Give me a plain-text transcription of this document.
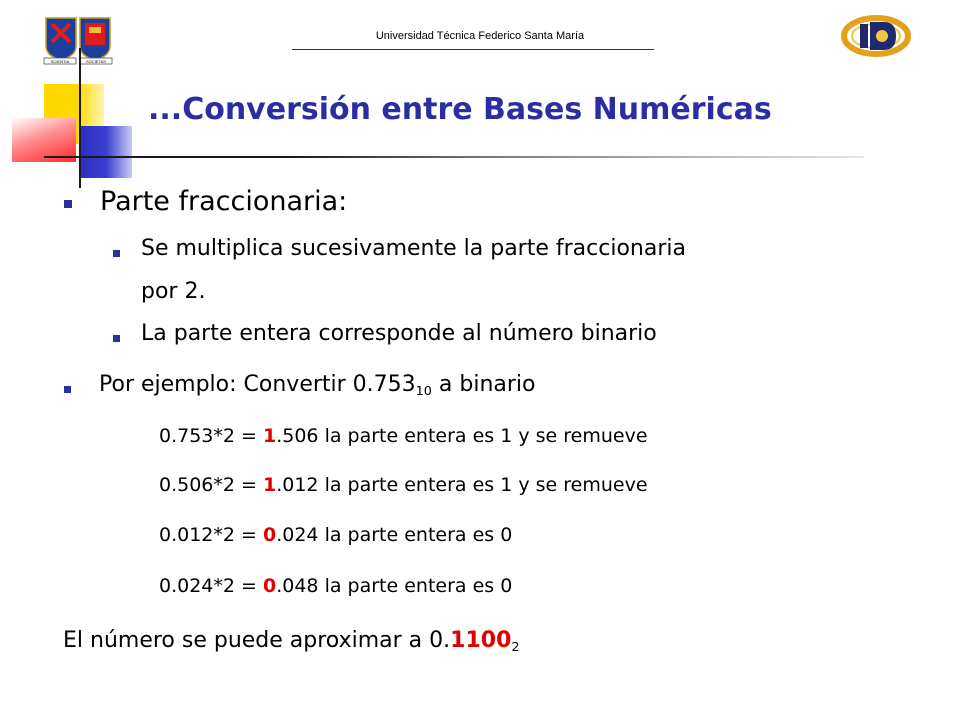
Universidad Técnica Federico Santa María
SCIENTIA	SOCIETAS
...Conversión entre Bases Numéricas
Parte fraccionaria:
Se multiplica sucesivamente la parte fraccionaria
por 2.
La parte entera corresponde al número binario
Por ejemplo: Convertir $0.753_{10}$ a binario
0.753*2 = 1.506 la parte entera es 1 y se remueve
0.506*2 = 1.012 la parte entera es 1 y se remueve
0.012*2 = 0.024 la parte entera es 0
0.024*2 = 0.048 la parte entera es 0
El número se puede aproximar a $0.1100_2$
